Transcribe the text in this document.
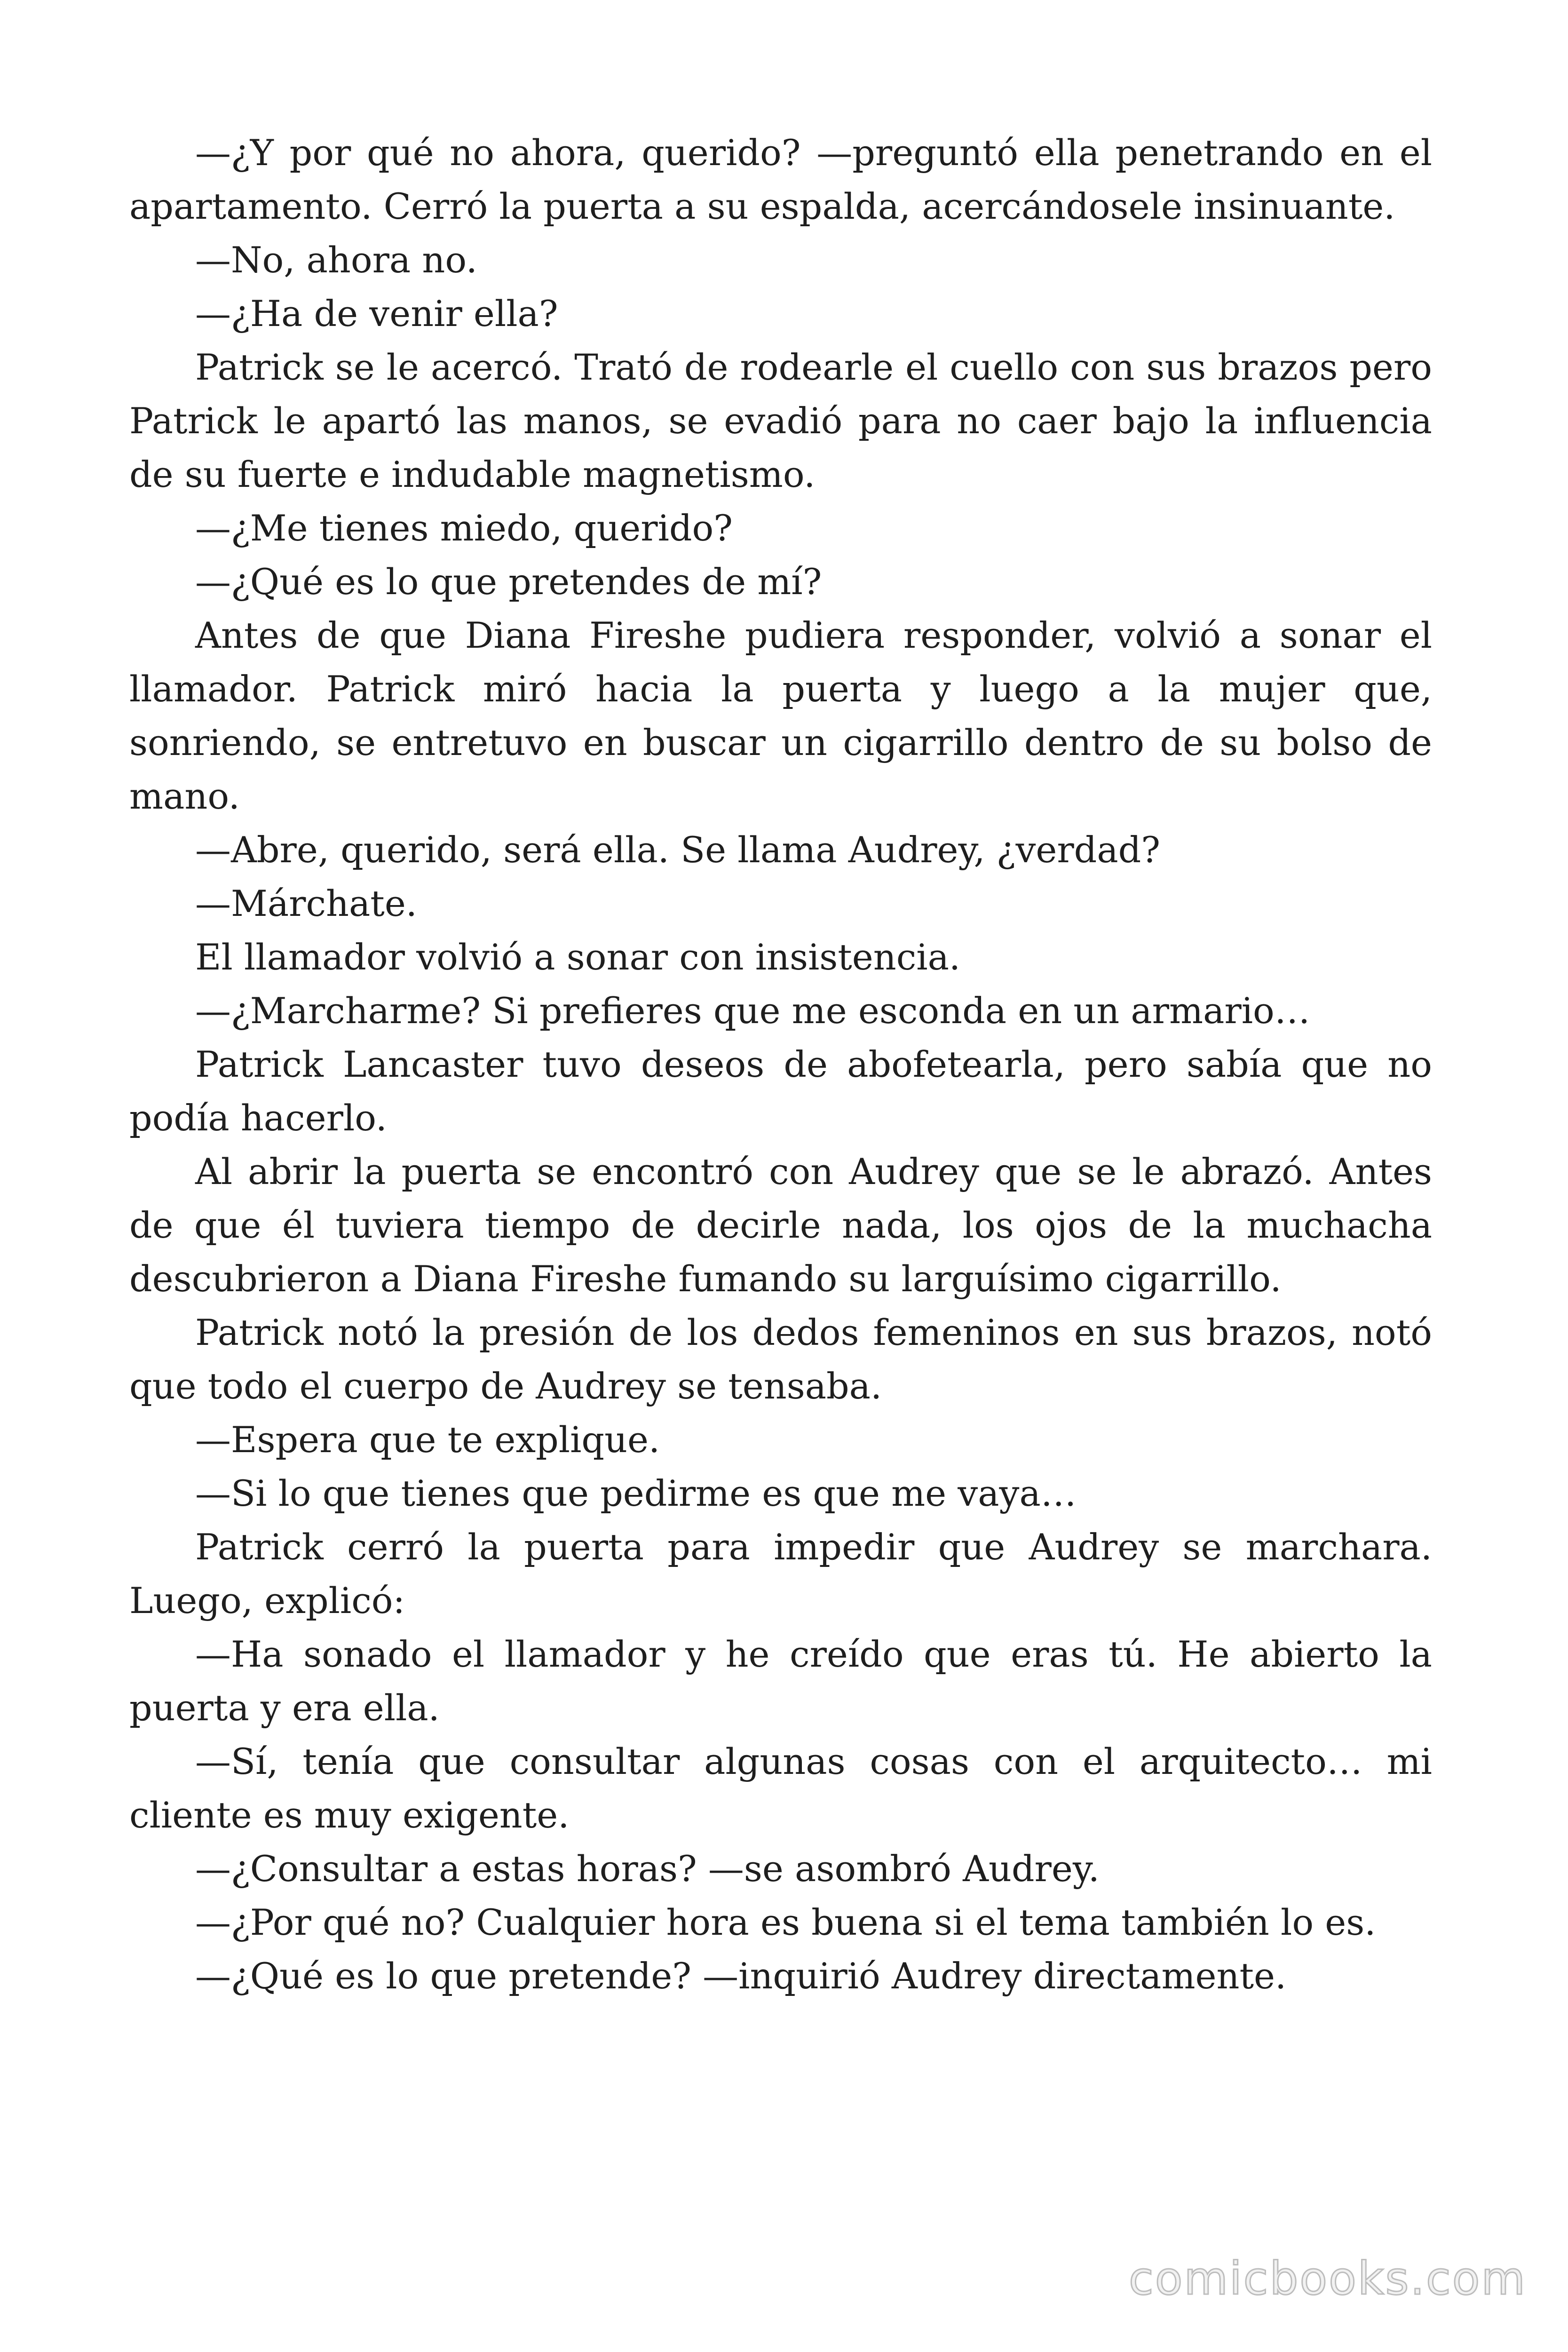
—¿Y por qué no ahora, querido? —preguntó ella penetrando en el apartamento. Cerró la puerta a su espalda, acercándosele insinuante.

—No, ahora no.

—¿Ha de venir ella?

Patrick se le acercó. Trató de rodearle el cuello con sus brazos pero Patrick le apartó las manos, se evadió para no caer bajo la influencia de su fuerte e indudable magnetismo.

—¿Me tienes miedo, querido?

—¿Qué es lo que pretendes de mí?

Antes de que Diana Fireshe pudiera responder, volvió a sonar el llamador. Patrick miró hacia la puerta y luego a la mujer que, sonriendo, se entretuvo en buscar un cigarrillo dentro de su bolso de mano.

—Abre, querido, será ella. Se llama Audrey, ¿verdad?

—Márchate.

El llamador volvió a sonar con insistencia.

—¿Marcharme? Si prefieres que me esconda en un armario…

Patrick Lancaster tuvo deseos de abofetearla, pero sabía que no podía hacerlo.

Al abrir la puerta se encontró con Audrey que se le abrazó. Antes de que él tuviera tiempo de decirle nada, los ojos de la muchacha descubrieron a Diana Fireshe fumando su larguísimo cigarrillo.

Patrick notó la presión de los dedos femeninos en sus brazos, notó que todo el cuerpo de Audrey se tensaba.

—Espera que te explique.

—Si lo que tienes que pedirme es que me vaya…

Patrick cerró la puerta para impedir que Audrey se marchara. Luego, explicó:

—Ha sonado el llamador y he creído que eras tú. He abierto la puerta y era ella.

—Sí, tenía que consultar algunas cosas con el arquitecto… mi cliente es muy exigente.

—¿Consultar a estas horas? —se asombró Audrey.

—¿Por qué no? Cualquier hora es buena si el tema también lo es.

—¿Qué es lo que pretende? —inquirió Audrey directamente.

comicbooks.com
